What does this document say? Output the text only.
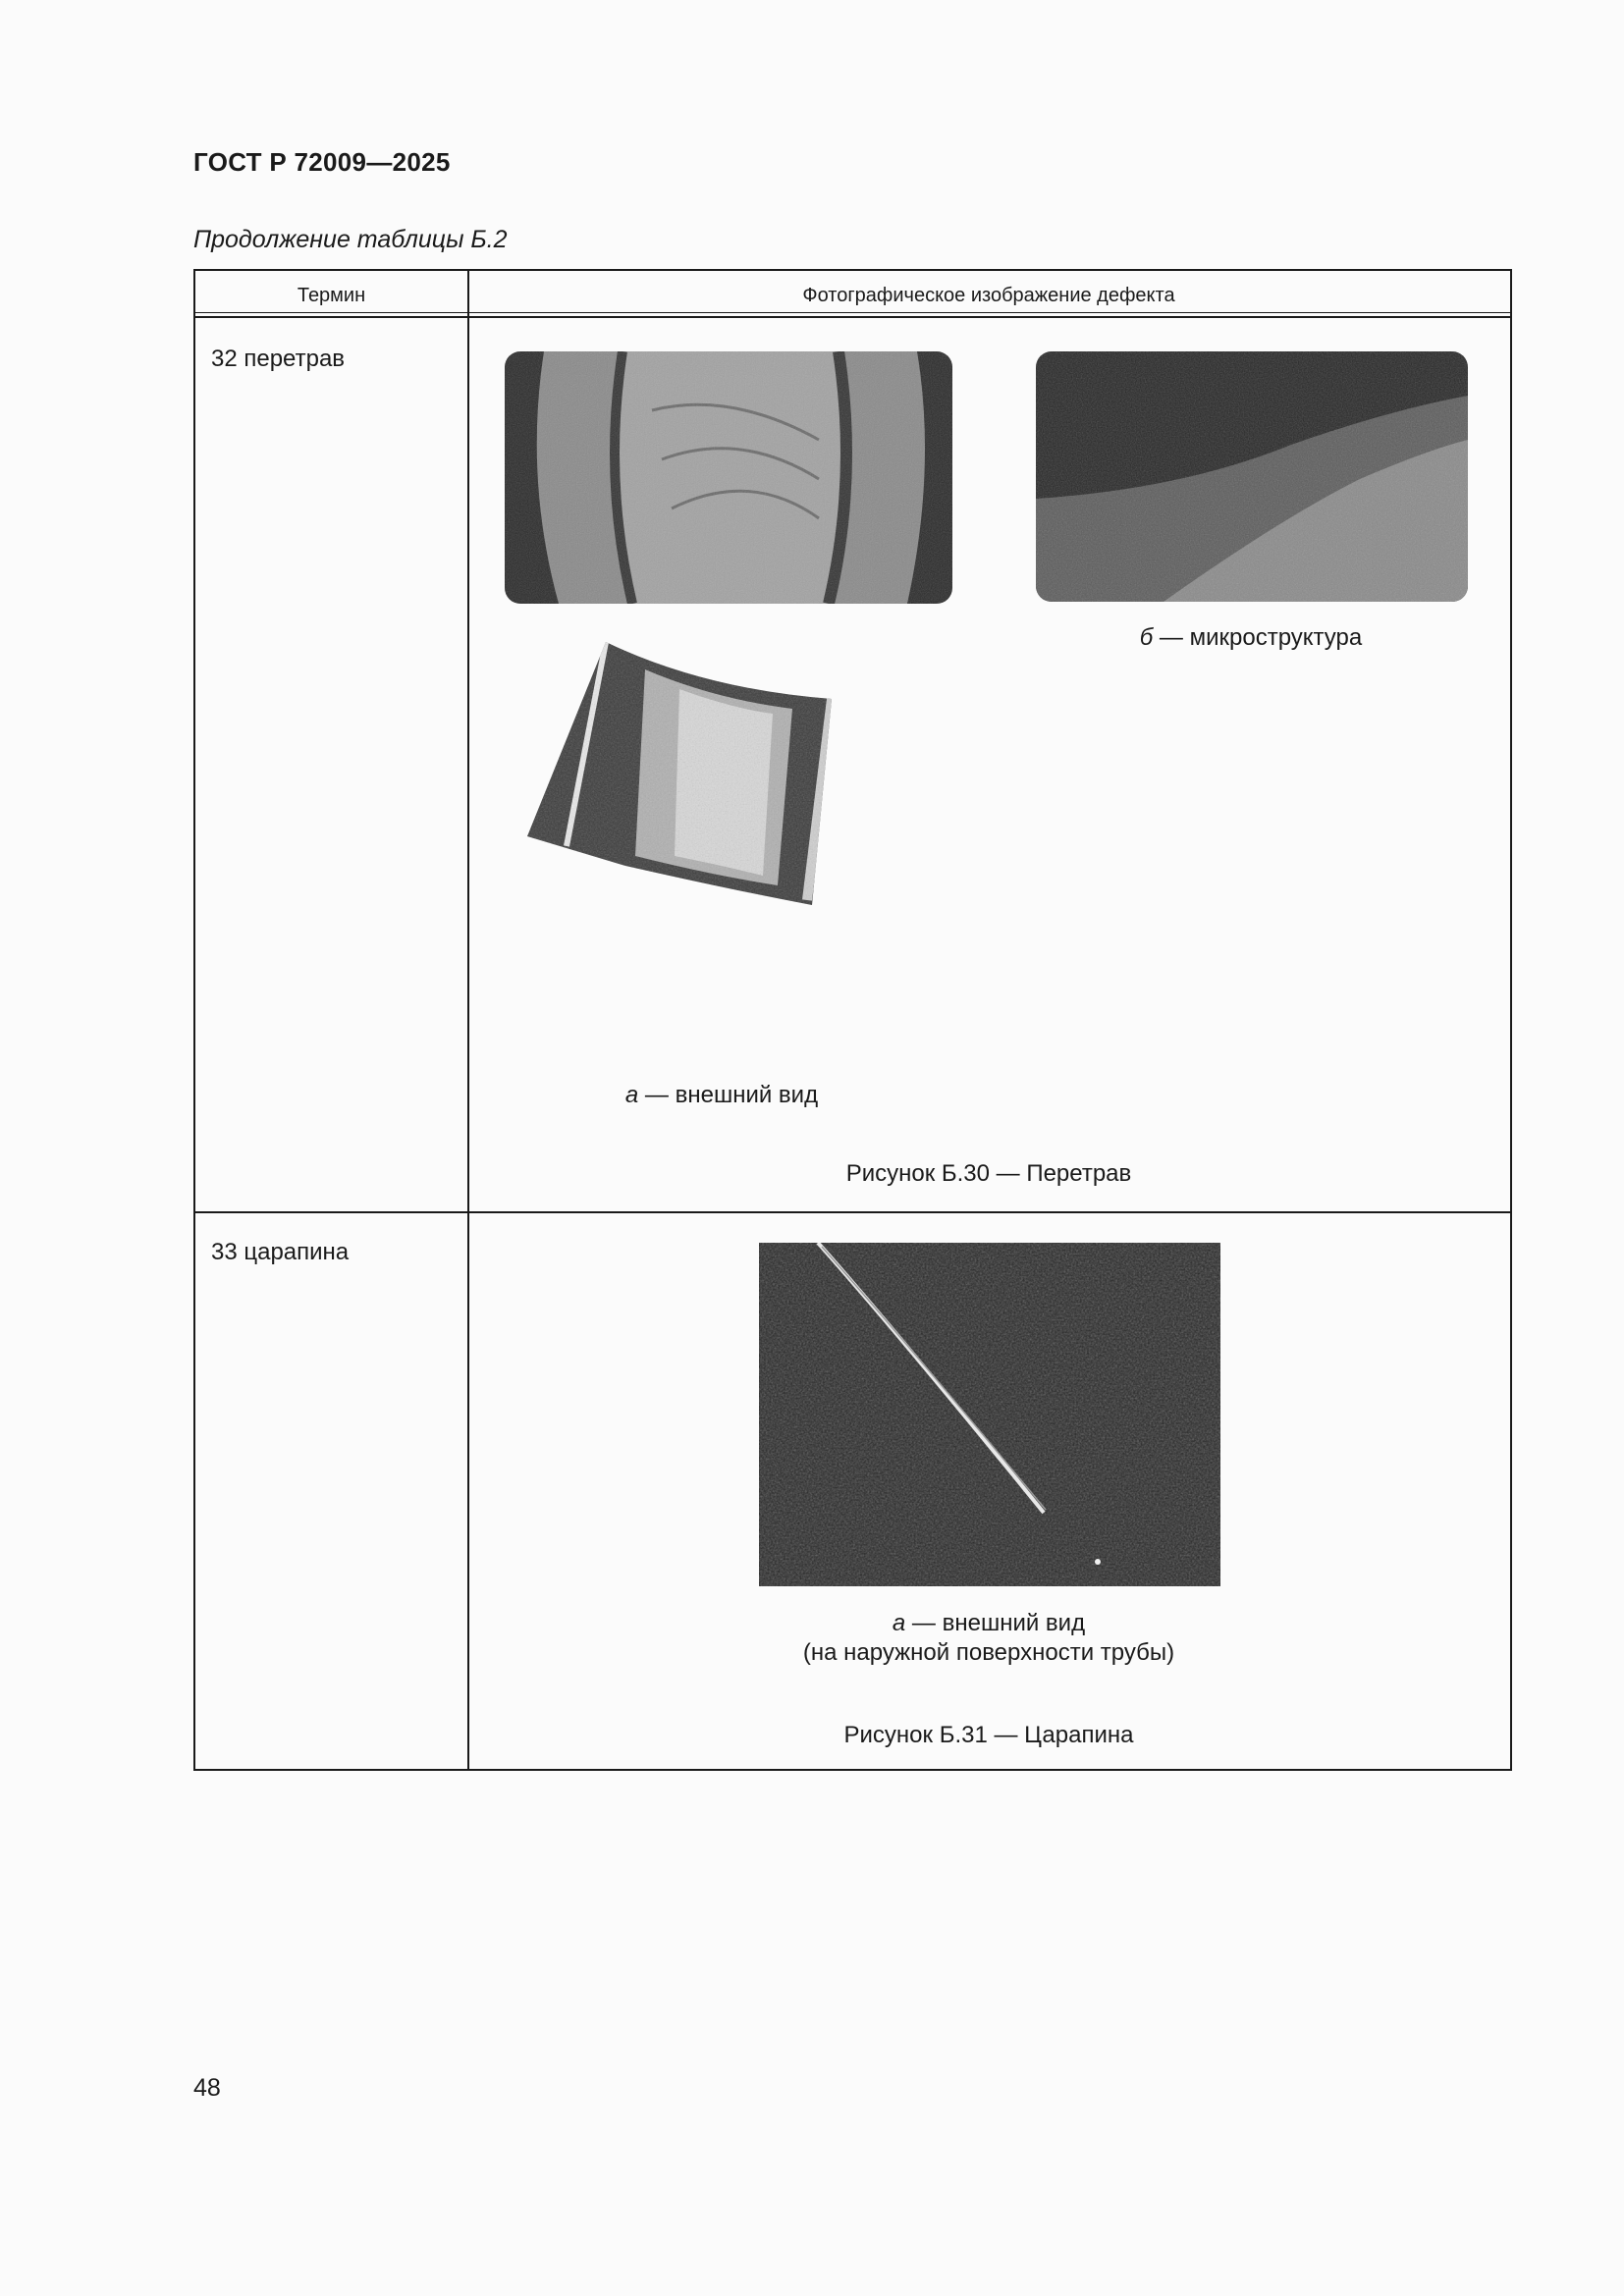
ГОСТ Р 72009—2025
Продолжение таблицы Б.2
Термин	Фотографическое изображение дефекта
32 перетрав
б — микроструктура
а — внешний вид
Рисунок Б.30 — Перетрав
33 царапина
а — внешний вид
(на наружной поверхности трубы)
Рисунок Б.31 — Царапина
48
